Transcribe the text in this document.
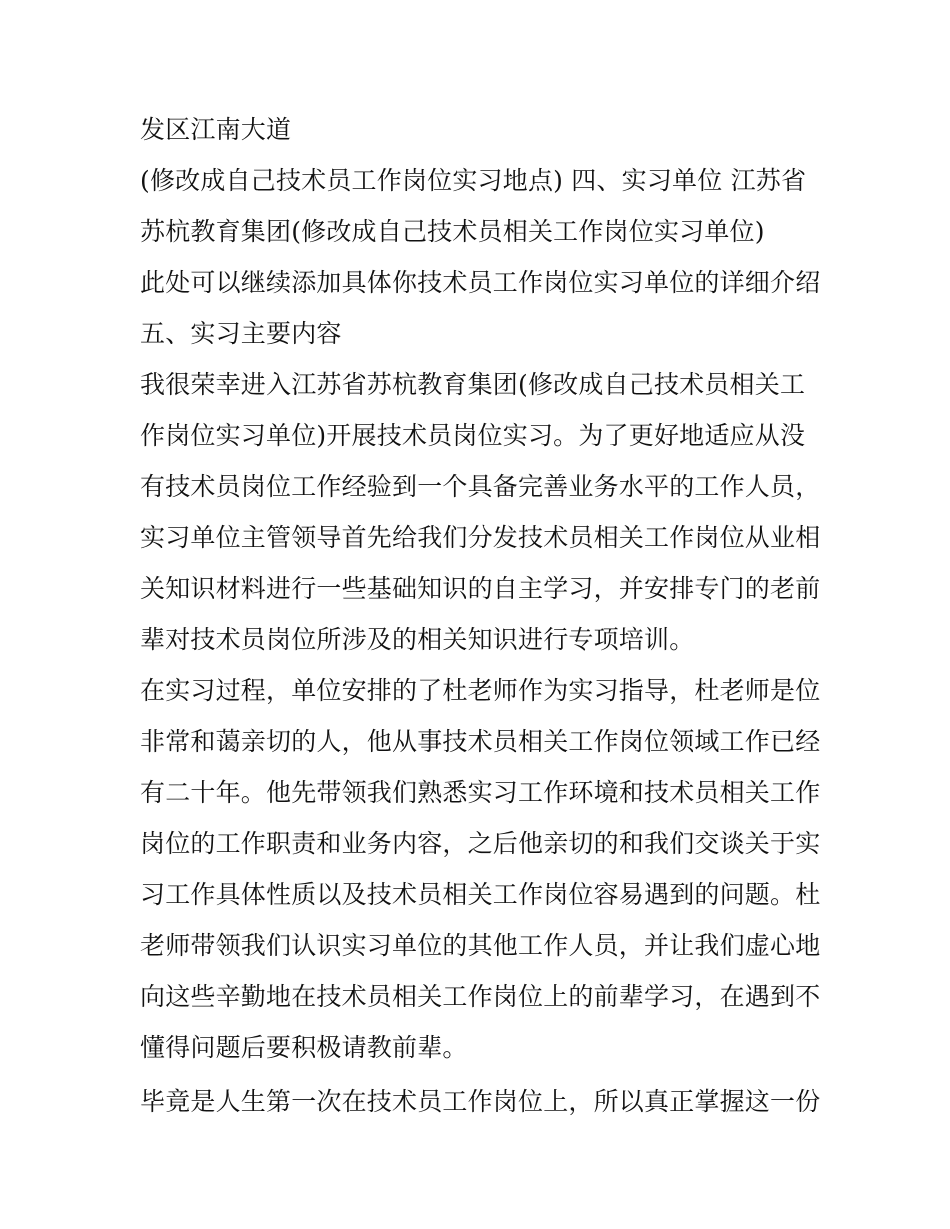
发区江南大道
(修改成自己技术员工作岗位实习地点) 四、实习单位 江苏省
苏杭教育集团(修改成自己技术员相关工作岗位实习单位)
此处可以继续添加具体你技术员工作岗位实习单位的详细介绍
五、实习主要内容
我很荣幸进入江苏省苏杭教育集团(修改成自己技术员相关工
作岗位实习单位)开展技术员岗位实习。为了更好地适应从没
有技术员岗位工作经验到一个具备完善业务水平的工作人员，
实习单位主管领导首先给我们分发技术员相关工作岗位从业相
关知识材料进行一些基础知识的自主学习，并安排专门的老前
辈对技术员岗位所涉及的相关知识进行专项培训。
在实习过程，单位安排的了杜老师作为实习指导，杜老师是位
非常和蔼亲切的人，他从事技术员相关工作岗位领域工作已经
有二十年。他先带领我们熟悉实习工作环境和技术员相关工作
岗位的工作职责和业务内容，之后他亲切的和我们交谈关于实
习工作具体性质以及技术员相关工作岗位容易遇到的问题。杜
老师带领我们认识实习单位的其他工作人员，并让我们虚心地
向这些辛勤地在技术员相关工作岗位上的前辈学习，在遇到不
懂得问题后要积极请教前辈。
毕竟是人生第一次在技术员工作岗位上，所以真正掌握这一份
